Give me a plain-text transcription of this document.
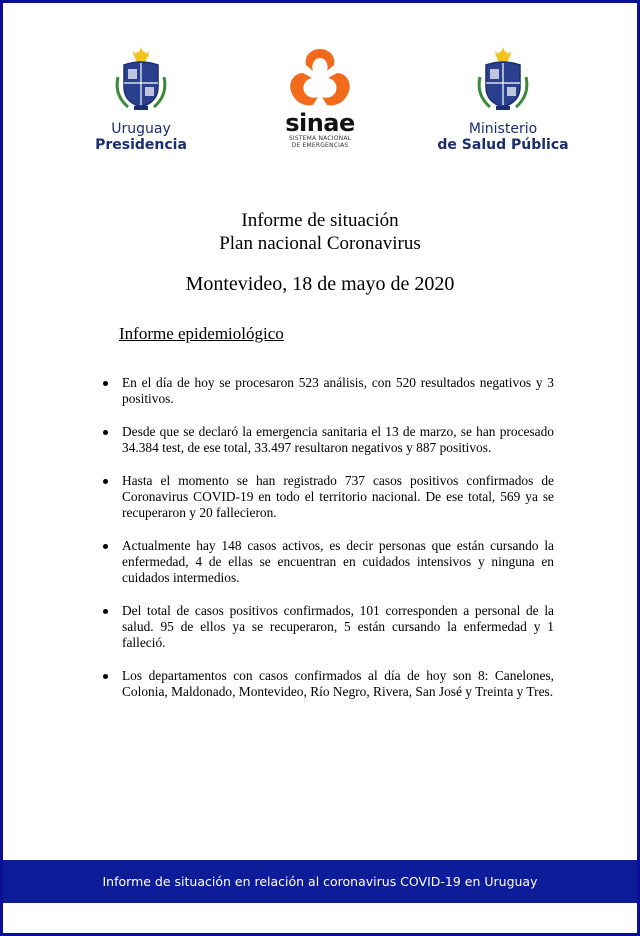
Uruguay
Presidencia
sinae
SISTEMA NACIONAL
DE EMERGENCIAS
Ministerio
de Salud Pública
Informe de situación
Plan nacional Coronavirus
Montevideo, 18 de mayo de 2020
Informe epidemiológico
En el día de hoy se procesaron 523 análisis, con 520 resultados negativos y 3 positivos.
Desde que se declaró la emergencia sanitaria el 13 de marzo, se han procesado 34.384 test, de ese total, 33.497 resultaron negativos y 887 positivos.
Hasta el momento se han registrado 737 casos positivos confirmados de Coronavirus COVID-19 en todo el territorio nacional. De ese total, 569 ya se recuperaron y 20 fallecieron.
Actualmente hay 148 casos activos, es decir personas que están cursando la enfermedad, 4 de ellas se encuentran en cuidados intensivos y ninguna en cuidados intermedios.
Del total de casos positivos confirmados, 101 corresponden a personal de la salud. 95 de ellos ya se recuperaron, 5 están cursando la enfermedad y 1 falleció.
Los departamentos con casos confirmados al día de hoy son 8: Canelones, Colonia, Maldonado, Montevideo, Río Negro, Rivera, San José y Treinta y Tres.
Informe de situación en relación al coronavirus COVID-19 en Uruguay
